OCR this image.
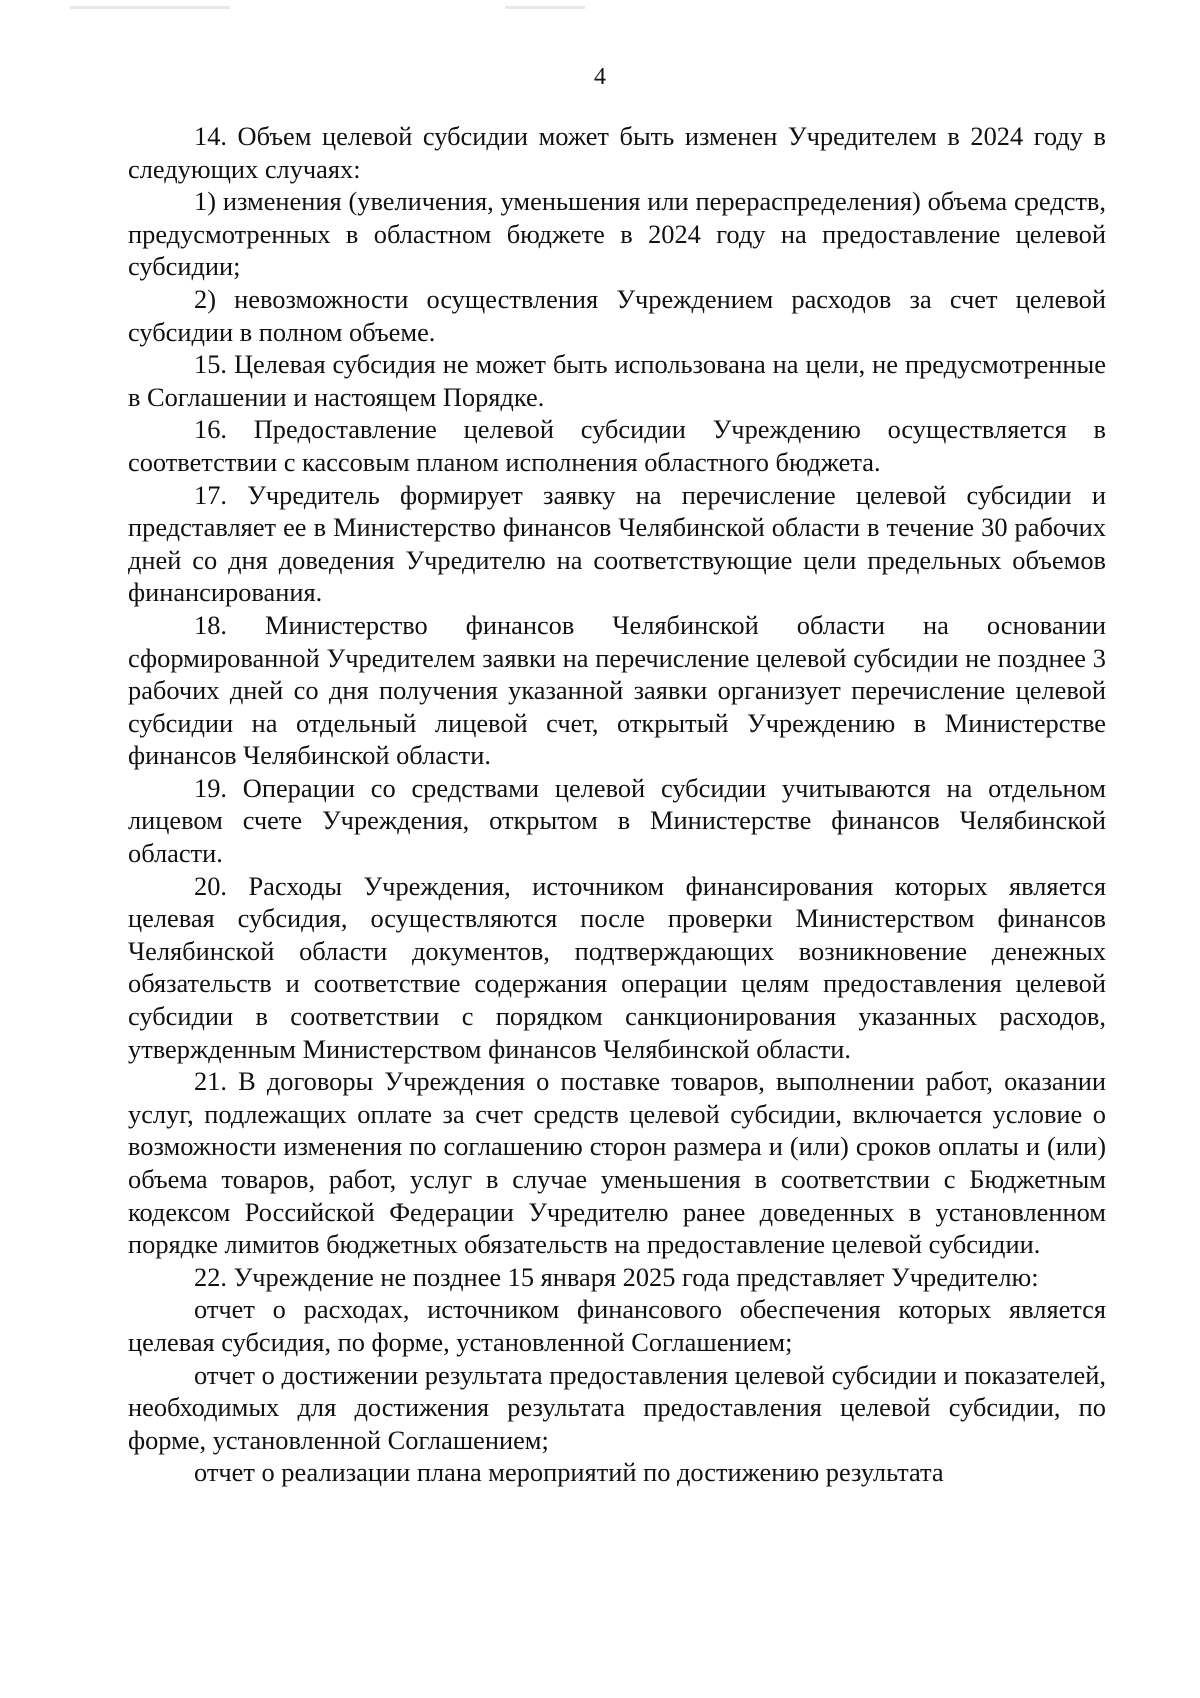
4

14. Объем целевой субсидии может быть изменен Учредителем в 2024 году в следующих случаях:

1) изменения (увеличения, уменьшения или перераспределения) объема средств, предусмотренных в областном бюджете в 2024 году на предоставление целевой субсидии;

2) невозможности осуществления Учреждением расходов за счет целевой субсидии в полном объеме.

15. Целевая субсидия не может быть использована на цели, не предусмотренные в Соглашении и настоящем Порядке.

16. Предоставление целевой субсидии Учреждению осуществляется в соответствии с кассовым планом исполнения областного бюджета.

17. Учредитель формирует заявку на перечисление целевой субсидии и представляет ее в Министерство финансов Челябинской области в течение 30 рабочих дней со дня доведения Учредителю на соответствующие цели предельных объемов финансирования.

18. Министерство финансов Челябинской области на основании сформированной Учредителем заявки на перечисление целевой субсидии не позднее 3 рабочих дней со дня получения указанной заявки организует перечисление целевой субсидии на отдельный лицевой счет, открытый Учреждению в Министерстве финансов Челябинской области.

19. Операции со средствами целевой субсидии учитываются на отдельном лицевом счете Учреждения, открытом в Министерстве финансов Челябинской области.

20. Расходы Учреждения, источником финансирования которых является целевая субсидия, осуществляются после проверки Министерством финансов Челябинской области документов, подтверждающих возникновение денежных обязательств и соответствие содержания операции целям предоставления целевой субсидии в соответствии с порядком санкционирования указанных расходов, утвержденным Министерством финансов Челябинской области.

21. В договоры Учреждения о поставке товаров, выполнении работ, оказании услуг, подлежащих оплате за счет средств целевой субсидии, включается условие о возможности изменения по соглашению сторон размера и (или) сроков оплаты и (или) объема товаров, работ, услуг в случае уменьшения в соответствии с Бюджетным кодексом Российской Федерации Учредителю ранее доведенных в установленном порядке лимитов бюджетных обязательств на предоставление целевой субсидии.

22. Учреждение не позднее 15 января 2025 года представляет Учредителю:

отчет о расходах, источником финансового обеспечения которых является целевая субсидия, по форме, установленной Соглашением;

отчет о достижении результата предоставления целевой субсидии и показателей, необходимых для достижения результата предоставления целевой субсидии, по форме, установленной Соглашением;

отчет о реализации плана мероприятий по достижению результата
